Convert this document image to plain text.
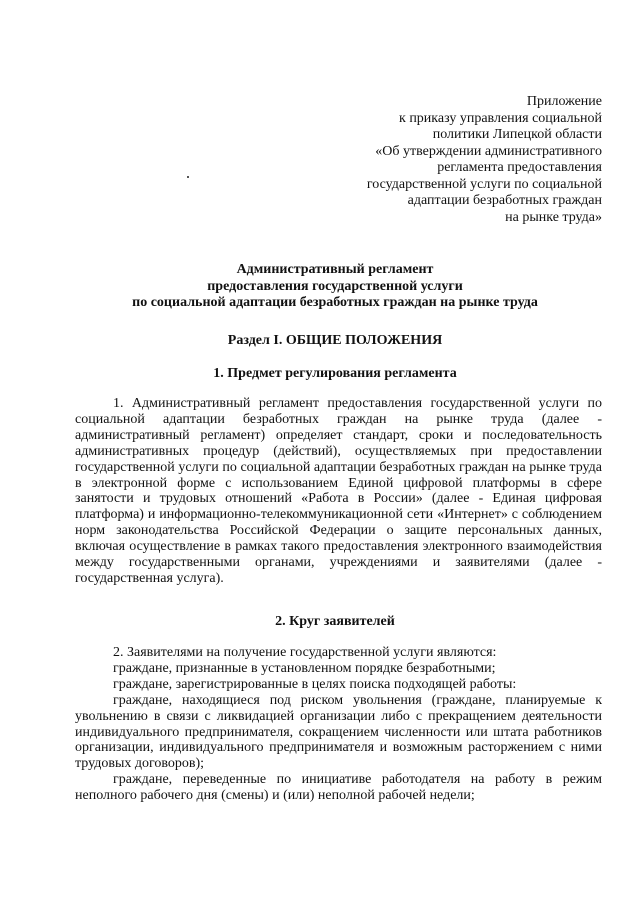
Приложение
к приказу управления социальной
политики Липецкой области
«Об утверждении административного
регламента предоставления
государственной услуги по социальной
адаптации безработных граждан
на рынке труда»
Административный регламент
предоставления государственной услуги
по социальной адаптации безработных граждан на рынке труда
Раздел I. ОБЩИЕ ПОЛОЖЕНИЯ
1. Предмет регулирования регламента

1. Административный регламент предоставления государственной услуги по социальной адаптации безработных граждан на рынке труда (далее - административный регламент) определяет стандарт, сроки и последовательность административных процедур (действий), осуществляемых при предоставлении государственной услуги по социальной адаптации безработных граждан на рынке труда в электронной форме с использованием Единой цифровой платформы в сфере занятости и трудовых отношений «Работа в России» (далее - Единая цифровая платформа) и информационно-телекоммуникационной сети «Интернет» с соблюдением норм законодательства Российской Федерации о защите персональных данных, включая осуществление в рамках такого предоставления электронного взаимодействия между государственными органами, учреждениями и заявителями (далее - государственная услуга).

2. Круг заявителей

2. Заявителями на получение государственной услуги являются:

граждане, признанные в установленном порядке безработными;

граждане, зарегистрированные в целях поиска подходящей работы:

граждане, находящиеся под риском увольнения (граждане, планируемые к увольнению в связи с ликвидацией организации либо с прекращением деятельности индивидуального предпринимателя, сокращением численности или штата работников организации, индивидуального предпринимателя и возможным расторжением с ними трудовых договоров);

граждане, переведенные по инициативе работодателя на работу в режим неполного рабочего дня (смены) и (или) неполной рабочей недели;
